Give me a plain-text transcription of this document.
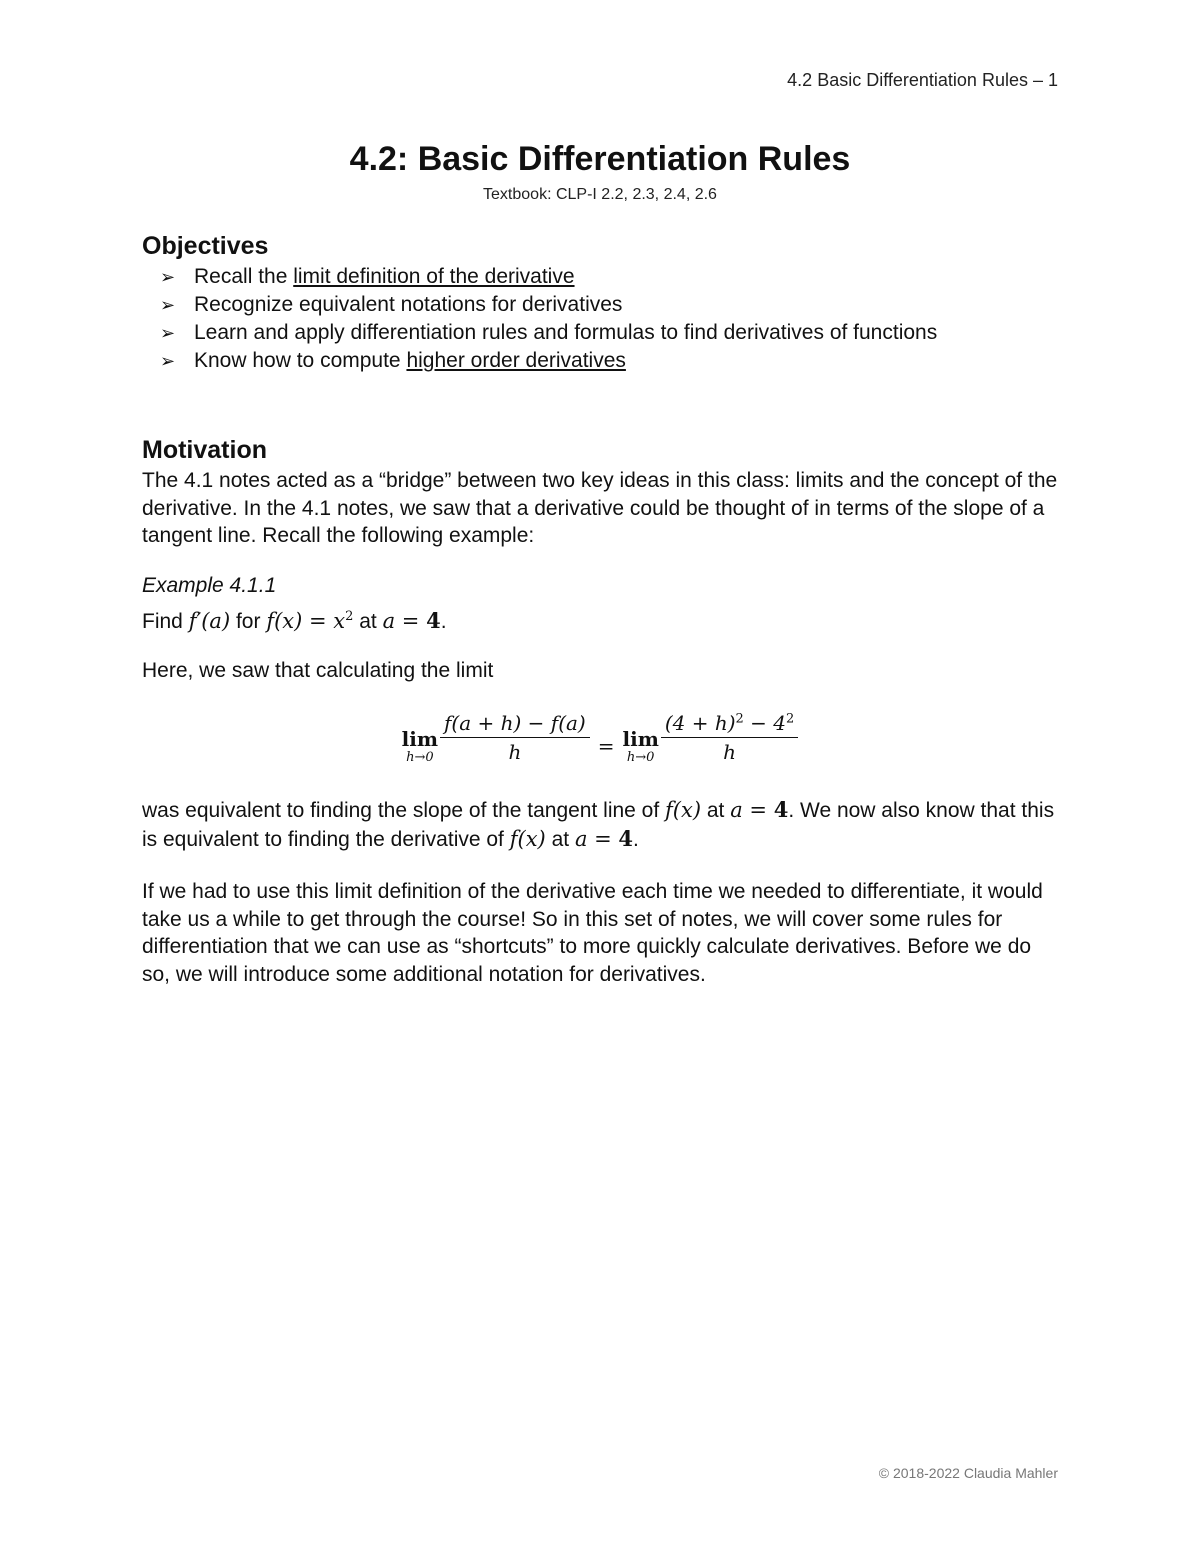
4.2 Basic Differentiation Rules – 1
4.2: Basic Differentiation Rules
Textbook: CLP-I 2.2, 2.3, 2.4, 2.6
Objectives
➢ Recall the limit definition of the derivative
➢ Recognize equivalent notations for derivatives
➢ Learn and apply differentiation rules and formulas to find derivatives of functions
➢ Know how to compute higher order derivatives
Motivation

The 4.1 notes acted as a “bridge” between two key ideas in this class: limits and the concept of the derivative. In the 4.1 notes, we saw that a derivative could be thought of in terms of the slope of a tangent line. Recall the following example:

Example 4.1.1

Find f′(a) for $f(x) = x^2$ at a = 4.

Here, we saw that calculating the limit

lim
$h\to 0 \frac{f(a + h) - f(a)}{h} = \lim$
$h\to 0 \frac{(4 + h)^2 - 4^2}{h}$

was equivalent to finding the slope of the tangent line of f(x) at a = 4. We now also know that this is equivalent to finding the derivative of f(x) at a = 4.

If we had to use this limit definition of the derivative each time we needed to differentiate, it would take us a while to get through the course! So in this set of notes, we will cover some rules for differentiation that we can use as “shortcuts” to more quickly calculate derivatives. Before we do so, we will introduce some additional notation for derivatives.

© 2018-2022 Claudia Mahler
